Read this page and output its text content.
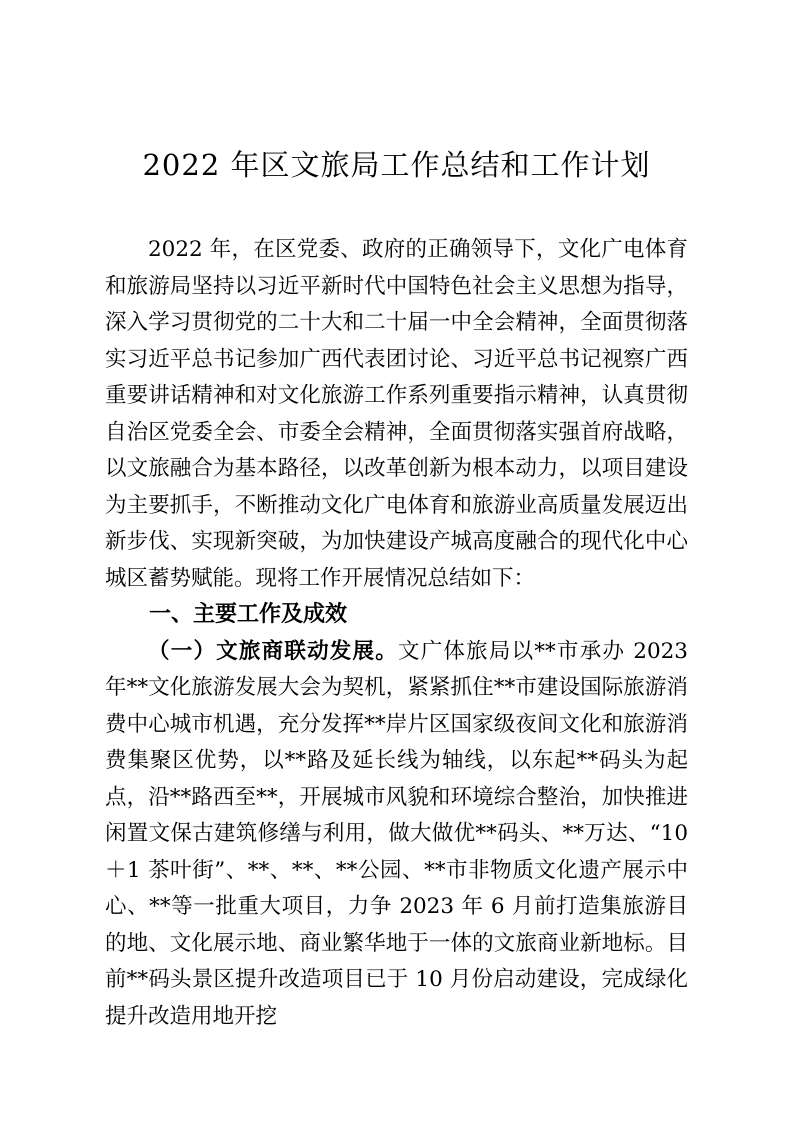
2022 年区文旅局工作总结和工作计划

2022 年，在区党委、政府的正确领导下，文化广电体育和旅游局坚持以习近平新时代中国特色社会主义思想为指导，深入学习贯彻党的二十大和二十届一中全会精神，全面贯彻落实习近平总书记参加广西代表团讨论、习近平总书记视察广西重要讲话精神和对文化旅游工作系列重要指示精神，认真贯彻自治区党委全会、市委全会精神，全面贯彻落实强首府战略，以文旅融合为基本路径，以改革创新为根本动力，以项目建设为主要抓手，不断推动文化广电体育和旅游业高质量发展迈出新步伐、实现新突破，为加快建设产城高度融合的现代化中心城区蓄势赋能。现将工作开展情况总结如下：

一、主要工作及成效

（一）文旅商联动发展。文广体旅局以**市承办 2023 年**文化旅游发展大会为契机，紧紧抓住**市建设国际旅游消费中心城市机遇，充分发挥**岸片区国家级夜间文化和旅游消费集聚区优势，以**路及延长线为轴线，以东起**码头为起点，沿**路西至**，开展城市风貌和环境综合整治，加快推进闲置文保古建筑修缮与利用，做大做优**码头、**万达、“10＋1 茶叶街”、**、**、**公园、**市非物质文化遗产展示中心、**等一批重大项目，力争 2023 年 6 月前打造集旅游目的地、文化展示地、商业繁华地于一体的文旅商业新地标。目前**码头景区提升改造项目已于 10 月份启动建设，完成绿化提升改造用地开挖
